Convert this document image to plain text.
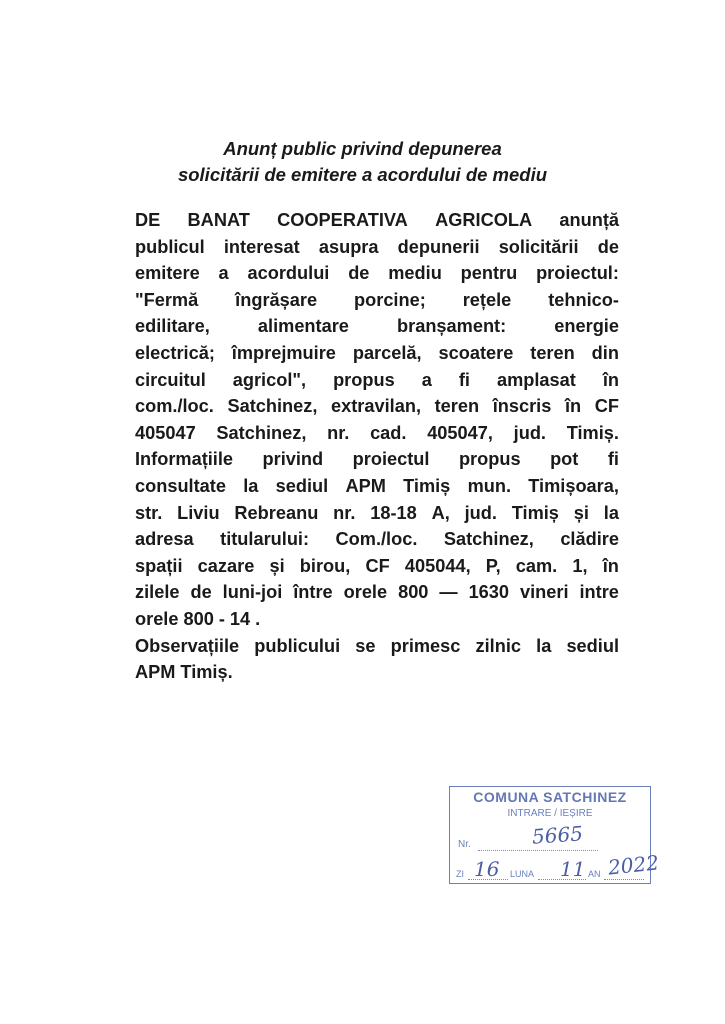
Anunț public privind depunerea
solicitării de emitere a acordului de mediu
DE BANAT COOPERATIVA AGRICOLA anunță
publicul interesat asupra depunerii solicitării de
emitere a acordului de mediu pentru proiectul:
"Fermă îngrășare porcine; rețele tehnico-
edilitare,	alimentare	branșament:	energie
electrică; împrejmuire parcelă, scoatere teren din
circuitul agricol", propus a fi amplasat în
com./loc. Satchinez, extravilan, teren înscris în CF
405047 Satchinez, nr. cad. 405047, jud. Timiș.
Informațiile privind proiectul propus pot fi
consultate la sediul APM Timiș mun. Timișoara,
str. Liviu Rebreanu nr. 18-18 A, jud. Timiș și la
adresa titularului: Com./loc. Satchinez, clădire
spații cazare și birou, CF 405044, P, cam. 1, în
zilele de luni-joi între orele 800 — 1630 vineri intre
orele 800 - 14 .
Observațiile publicului se primesc zilnic la sediul
APM Timiș.
COMUNA SATCHINEZ
INTRARE / IEȘIRE
Nr.	5665
ZI 16 LUNA 11 AN 2022
